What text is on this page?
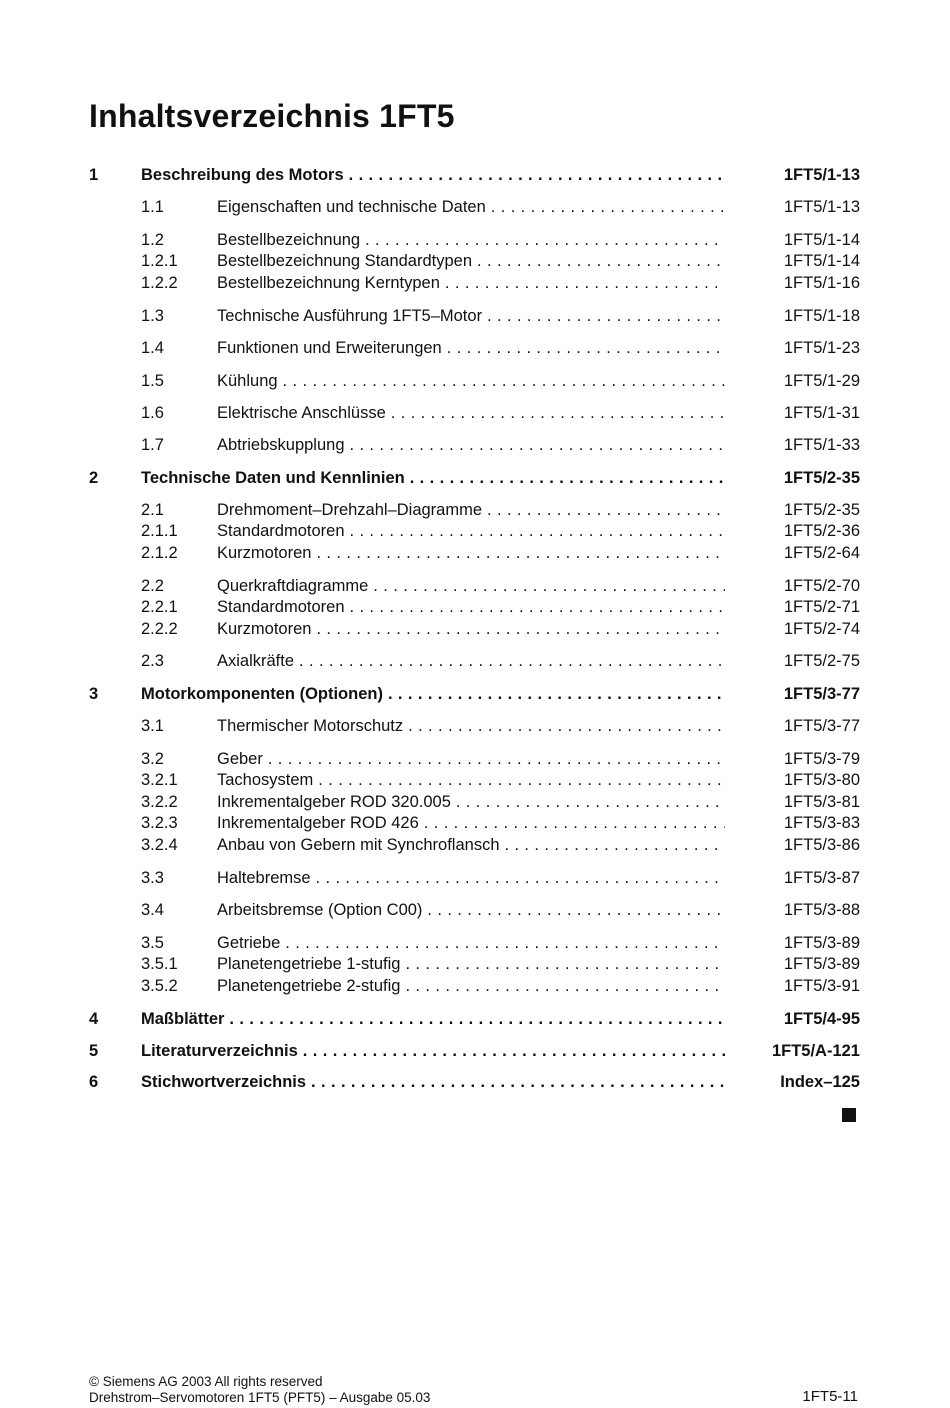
Inhaltsverzeichnis 1FT5
1	Beschreibung des Motors . . .	1FT5/1-13
1.1	Eigenschaften und technische Daten . . .	1FT5/1-13
1.2	Bestellbezeichnung . . .	1FT5/1-14
1.2.1 Bestellbezeichnung Standardtypen . . .	1FT5/1-14
1.2.2 Bestellbezeichnung Kerntypen . . .	1FT5/1-16
1.3	Technische Ausführung 1FT5–Motor . . .	1FT5/1-18
1.4	Funktionen und Erweiterungen . . .	1FT5/1-23
1.5	Kühlung . . .	1FT5/1-29
1.6	Elektrische Anschlüsse . . .	1FT5/1-31
1.7	Abtriebskupplung . . .	1FT5/1-33
2	Technische Daten und Kennlinien . . .	1FT5/2-35
2.1	Drehmoment–Drehzahl–Diagramme . . .	1FT5/2-35
2.1.1 Standardmotoren . . .	1FT5/2-36
2.1.2 Kurzmotoren . . .	1FT5/2-64
2.2	Querkraftdiagramme . . .	1FT5/2-70
2.2.1 Standardmotoren . . .	1FT5/2-71
2.2.2 Kurzmotoren . . .	1FT5/2-74
2.3	Axialkräfte . . .	1FT5/2-75
3	Motorkomponenten (Optionen) . . .	1FT5/3-77
3.1	Thermischer Motorschutz . . .	1FT5/3-77
3.2	Geber . . .	1FT5/3-79
3.2.1 Tachosystem . . .	1FT5/3-80
3.2.2 Inkrementalgeber ROD 320.005 . . .	1FT5/3-81
3.2.3 Inkrementalgeber ROD 426 . . .	1FT5/3-83
3.2.4 Anbau von Gebern mit Synchroflansch . . .	1FT5/3-86
3.3	Haltebremse . . .	1FT5/3-87
3.4	Arbeitsbremse (Option C00) . . .	1FT5/3-88
3.5	Getriebe . . .	1FT5/3-89
3.5.1 Planetengetriebe 1-stufig . . .	1FT5/3-89
3.5.2 Planetengetriebe 2-stufig . . .	1FT5/3-91
4	Maßblätter . . .	1FT5/4-95
5	Literaturverzeichnis . . .	1FT5/A-121
6	Stichwortverzeichnis . . .	Index–125
© Siemens AG 2003 All rights reserved
Drehstrom–Servomotoren 1FT5 (PFT5) – Ausgabe 05.03	1FT5-11
